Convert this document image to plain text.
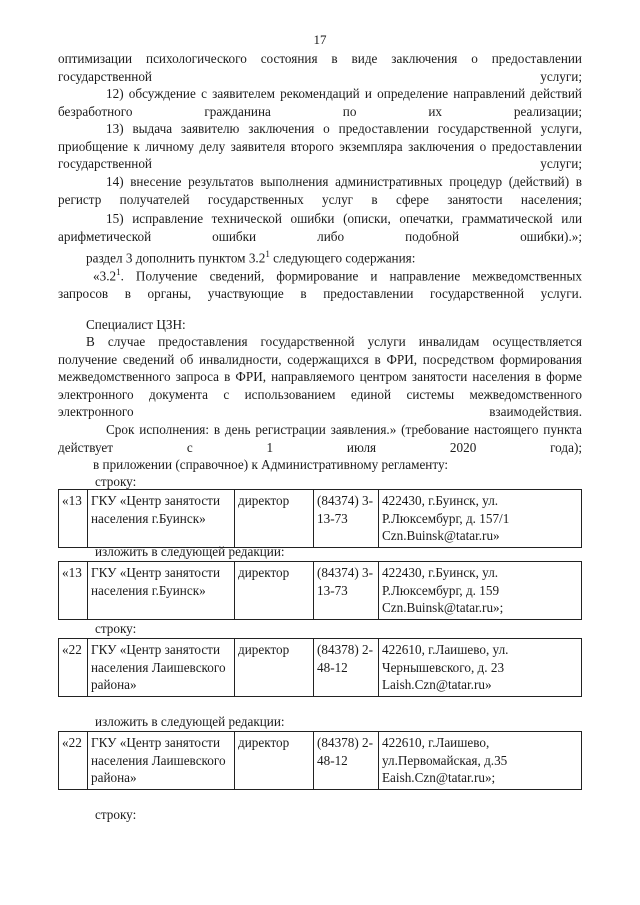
17

оптимизации психологического состояния в виде заключения о предоставлении государственной услуги;

12) обсуждение с заявителем рекомендаций и определение направлений действий безработного гражданина по их реализации;

13) выдача заявителю заключения о предоставлении государственной услуги, приобщение к личному делу заявителя второго экземпляра заключения о предоставлении государственной услуги;

14) внесение результатов выполнения административных процедур (действий) в регистр получателей государственных услуг в сфере занятости населения;

15) исправление технической ошибки (описки, опечатки, грамматической или арифметической ошибки либо подобной ошибки).»;

раздел 3 дополнить пунктом $3.2^1$ следующего содержания:

«$3.2^1$. Получение сведений, формирование и направление межведомственных запросов в органы, участвующие в предоставлении государственной услуги.

Специалист ЦЗН:

В случае предоставления государственной услуги инвалидам осуществляется получение сведений об инвалидности, содержащихся в ФРИ, посредством формирования межведомственного запроса в ФРИ, направляемого центром занятости населения в форме электронного документа с использованием единой системы межведомственного электронного взаимодействия.

Срок исполнения: в день регистрации заявления.» (требование настоящего пункта действует с 1 июля 2020 года);

в приложении (справочное) к Административному регламенту:

строку:
«13	ГКУ «Центр занятости населения г.Буинск»	директор	(84374) 3-13-73	422430, г.Буинск, ул. Р.Люксембург, д. 157/1 Czn.Buinsk@tatar.ru»
изложить в следующей редакции:
«13	ГКУ «Центр занятости населения г.Буинск»	директор	(84374) 3-13-73	422430, г.Буинск, ул. Р.Люксембург, д. 159 Czn.Buinsk@tatar.ru»;
строку:
«22	ГКУ «Центр занятости населения Лаишевского района»	директор	(84378) 2-48-12	422610, г.Лаишево, ул. Чернышевского, д. 23 Laish.Czn@tatar.ru»
изложить в следующей редакции:
«22	ГКУ «Центр занятости населения Лаишевского района»	директор	(84378) 2-48-12	422610, г.Лаишево, ул.Первомайская, д.35 Eaish.Czn@tatar.ru»;
строку:
